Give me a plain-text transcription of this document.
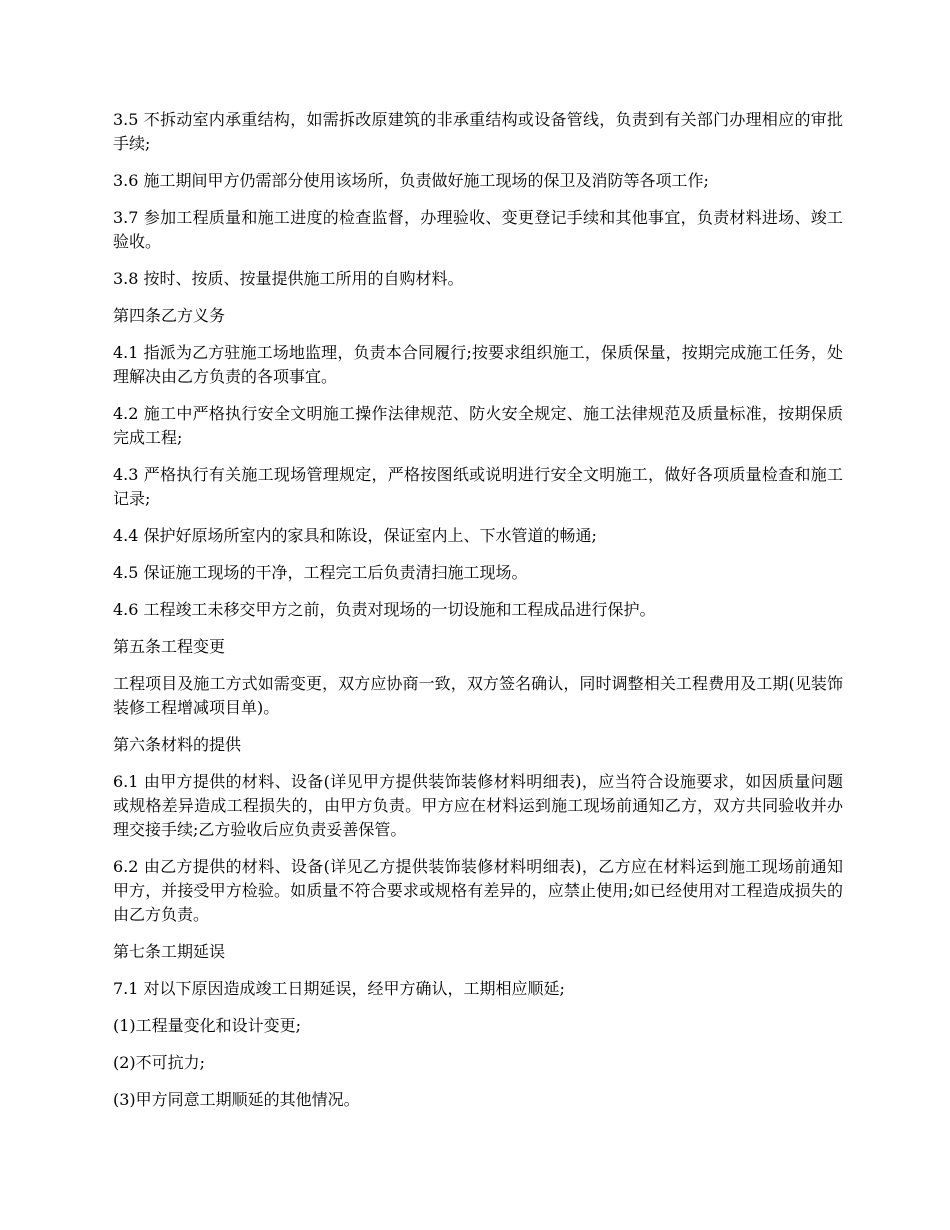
3.5 不拆动室内承重结构，如需拆改原建筑的非承重结构或设备管线，负责到有关部门办理相应的审批手续;

3.6 施工期间甲方仍需部分使用该场所，负责做好施工现场的保卫及消防等各项工作;

3.7 参加工程质量和施工进度的检查监督，办理验收、变更登记手续和其他事宜，负责材料进场、竣工验收。

3.8 按时、按质、按量提供施工所用的自购材料。

第四条乙方义务

4.1 指派为乙方驻施工场地监理，负责本合同履行;按要求组织施工，保质保量，按期完成施工任务，处理解决由乙方负责的各项事宜。

4.2 施工中严格执行安全文明施工操作法律规范、防火安全规定、施工法律规范及质量标准，按期保质完成工程;

4.3 严格执行有关施工现场管理规定，严格按图纸或说明进行安全文明施工，做好各项质量检查和施工记录;

4.4 保护好原场所室内的家具和陈设，保证室内上、下水管道的畅通;

4.5 保证施工现场的干净，工程完工后负责清扫施工现场。

4.6 工程竣工未移交甲方之前，负责对现场的一切设施和工程成品进行保护。

第五条工程变更

工程项目及施工方式如需变更，双方应协商一致，双方签名确认，同时调整相关工程费用及工期(见装饰装修工程增减项目单)。

第六条材料的提供

6.1 由甲方提供的材料、设备(详见甲方提供装饰装修材料明细表)，应当符合设施要求，如因质量问题或规格差异造成工程损失的，由甲方负责。甲方应在材料运到施工现场前通知乙方，双方共同验收并办理交接手续;乙方验收后应负责妥善保管。

6.2 由乙方提供的材料、设备(详见乙方提供装饰装修材料明细表)，乙方应在材料运到施工现场前通知甲方，并接受甲方检验。如质量不符合要求或规格有差异的，应禁止使用;如已经使用对工程造成损失的由乙方负责。

第七条工期延误

7.1 对以下原因造成竣工日期延误，经甲方确认，工期相应顺延;

(1)工程量变化和设计变更;

(2)不可抗力;

(3)甲方同意工期顺延的其他情况。
